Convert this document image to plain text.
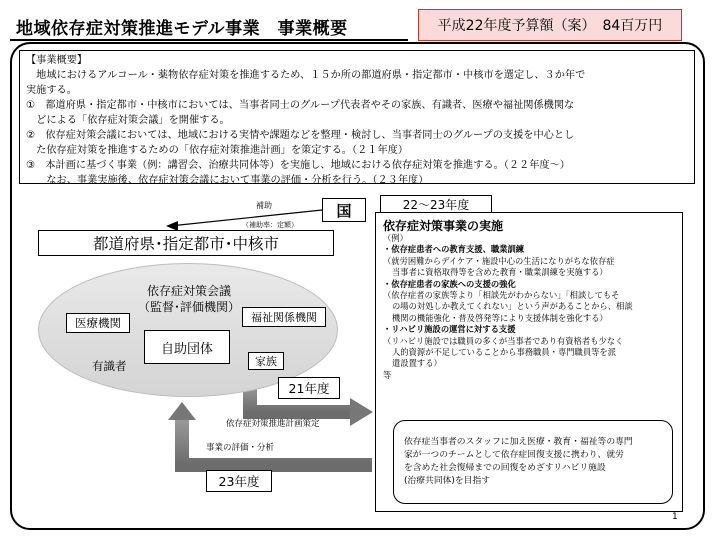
地域依存症対策推進モデル事業　事業概要	平成22年度予算額（案）　84百万円
【事業概要】
　地域におけるアルコール・薬物依存症対策を推進するため、１５か所の都道府県・指定都市・中核市を選定し、３か年で
実施する。
①　都道府県・指定都市・中核市においては、当事者同士のグループ代表者やその家族、有識者、医療や福祉関係機関な
　どによる「依存症対策会議」を開催する。
②　依存症対策会議においては、地域における実情や課題などを整理・検討し、当事者同士のグループの支援を中心とし
　た依存症対策を推進するための「依存症対策推進計画」を策定する。（２１年度）
③　本計画に基づく事業（例：講習会、治療共同体等）を実施し、地域における依存症対策を推進する。（２２年度～）
　　なお、事業実施後、依存症対策会議において事業の評価・分析を行う。（２３年度）
補助
（補助率：定額）
国
都道府県･指定都市･中核市
依存症対策会議
（監督･評価機関）
医療機関	福祉関係機関
自助団体
家族
有識者
21年度
依存症対策推進計画策定
事業の評価・分析
23年度
22～23年度
依存症対策事業の実施
（例）
・依存症患者への教育支援、職業訓練
（就労困難からデイケア・施設中心の生活になりがちな依存症
当事者に資格取得等を含めた教育・職業訓練を実施する）
・依存症患者の家族への支援の強化
（依存症者の家族等より「相談先がわからない」「相談してもそ
の場の対処しか教えてくれない」という声があることから、相談
機関の機能強化・普及啓発等により支援体制を強化する）
・リハビリ施設の運営に対する支援
（リハビリ施設では職員の多くが当事者であり有資格者も少なく
人的資源が不足していることから事務職員・専門職員等を派
遣設置する）
等
依存症当事者のスタッフに加え医療・教育・福祉等の専門
家が一つのチームとして依存症回復支援に携わり、就労
を含めた社会復帰までの回復をめざすリハビリ施設
(治療共同体)を目指す
1
